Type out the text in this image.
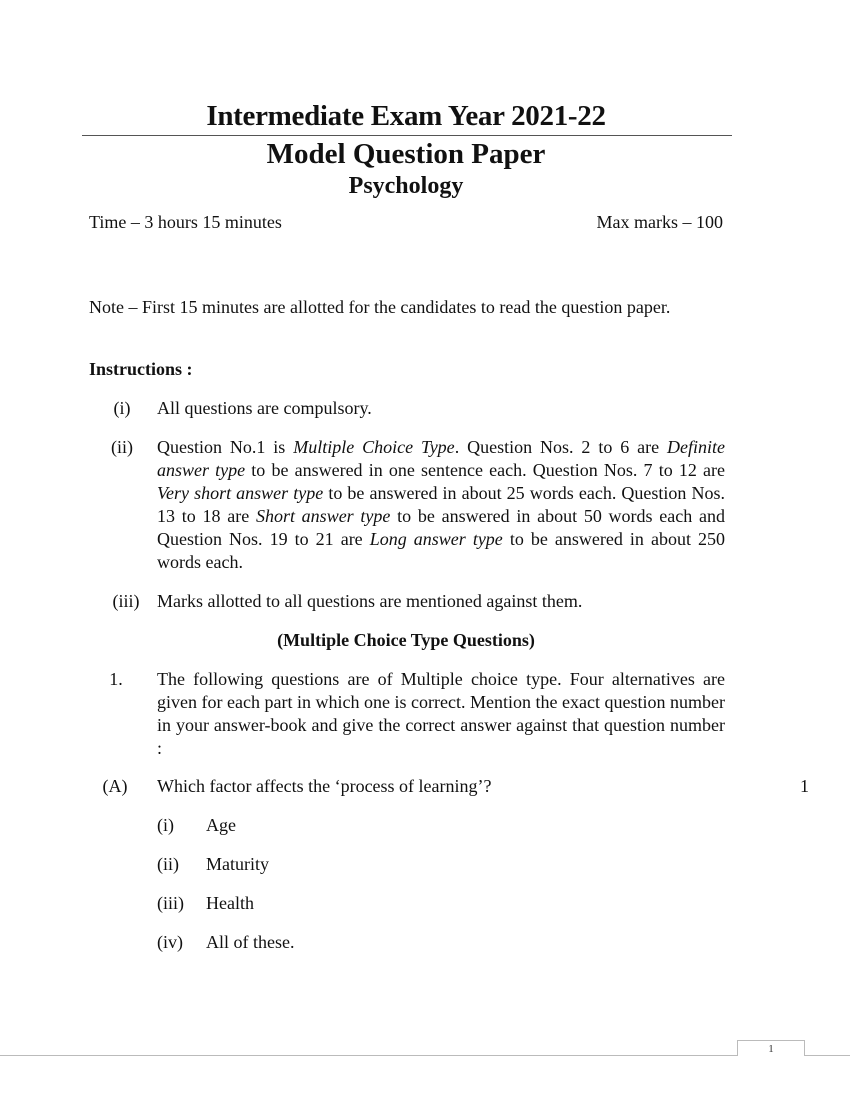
Intermediate Exam Year 2021-22
Model Question Paper
Psychology
Time – 3 hours 15 minutes	Max marks – 100
Note – First 15 minutes are allotted for the candidates to read the question paper.
Instructions :
(i)	All questions are compulsory.
(ii)	Question No.1 is Multiple Choice Type. Question Nos. 2 to 6 are Definite answer type to be answered in one sentence each. Question Nos. 7 to 12 are Very short answer type to be answered in about 25 words each. Question Nos. 13 to 18 are Short answer type to be answered in about 50 words each and Question Nos. 19 to 21 are Long answer type to be answered in about 250 words each.
(iii) Marks allotted to all questions are mentioned against them.
(Multiple Choice Type Questions)
1.	The following questions are of Multiple choice type. Four alternatives are given for each part in which one is correct. Mention the exact question number in your answer-book and give the correct answer against that question number :
(A)	Which factor affects the ‘process of learning’?	1
(i)	Age
(ii)	Maturity
(iii) Health
(iv)	All of these.
1
